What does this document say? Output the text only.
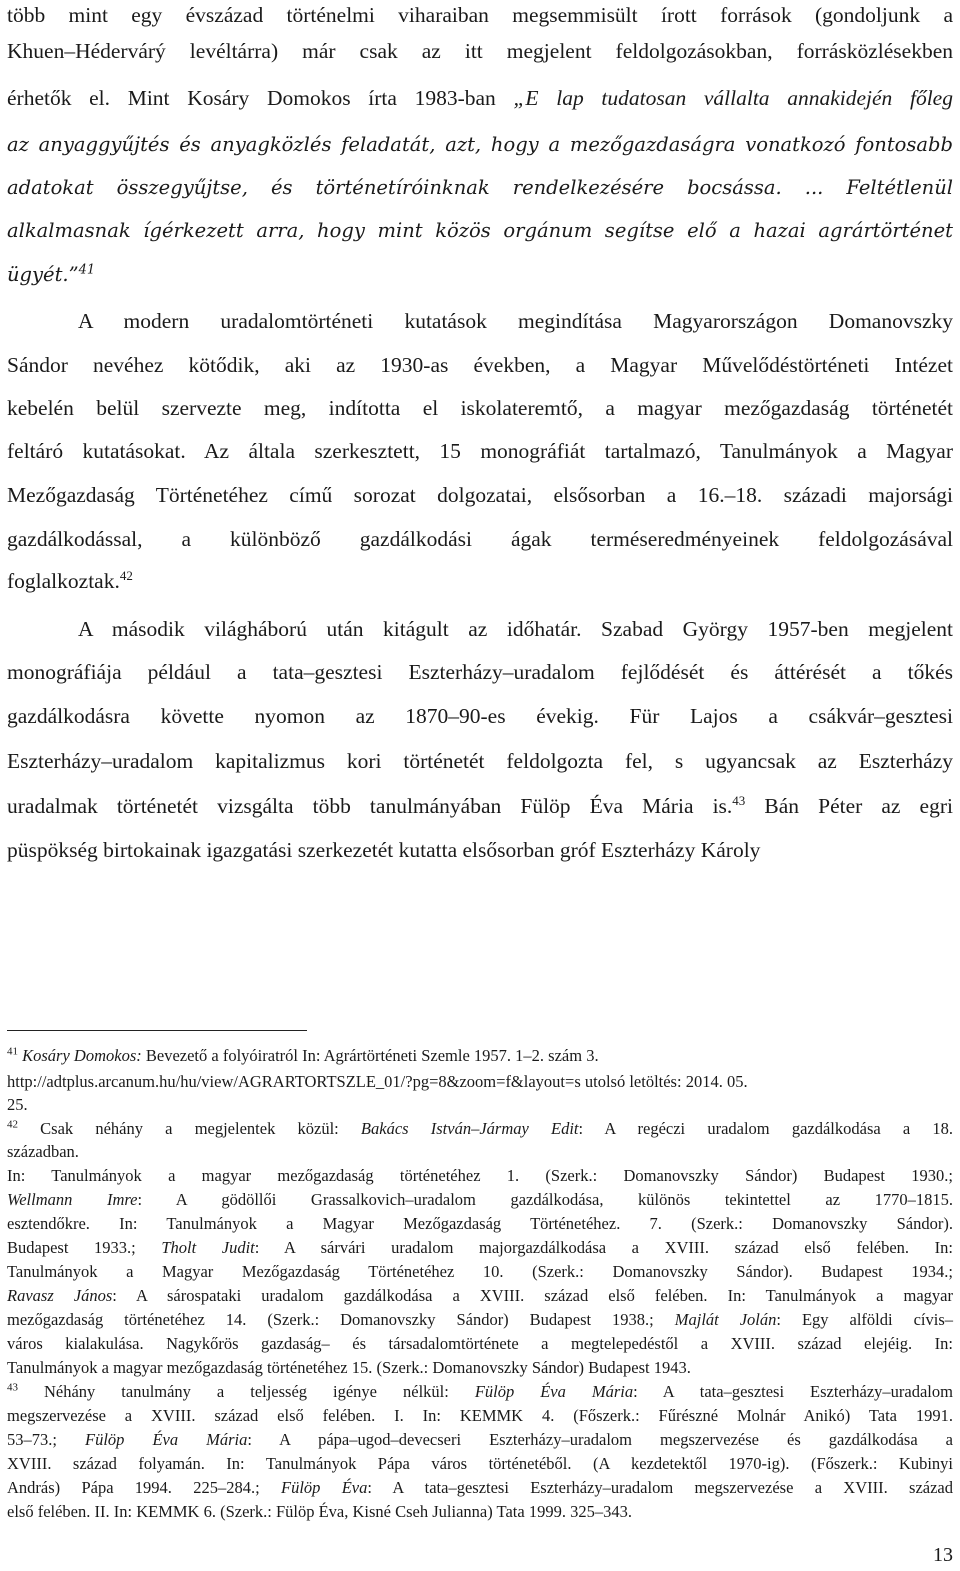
több mint egy évszázad történelmi viharaiban megsemmisült írott források (gondoljunk a
Khuen–Hédervárý levéltárra) már csak az itt megjelent feldolgozásokban, forrásközlésekben
érhetők el. Mint Kosáry Domokos írta 1983-ban „E lap tudatosan vállalta annakidején főleg
az anyaggyűjtés és anyagközlés feladatát, azt, hogy a mezőgazdaságra vonatkozó fontosabb
adatokat összegyűjtse, és történetíróinknak rendelkezésére bocsássa. ... Feltétlenül
alkalmasnak ígérkezett arra, hogy mint közös orgánum segítse elő a hazai agrártörténet
ügyét.”$^{41}$
A modern uradalomtörténeti kutatások megindítása Magyarországon Domanovszky
Sándor nevéhez kötődik, aki az 1930-as években, a Magyar Művelődéstörténeti Intézet
kebelén belül szervezte meg, indította el iskolateremtő, a magyar mezőgazdaság történetét
feltáró kutatásokat. Az általa szerkesztett, 15 monográfiát tartalmazó, Tanulmányok a Magyar
Mezőgazdaság Történetéhez című sorozat dolgozatai, elsősorban a 16.–18. századi majorsági
gazdálkodással, a különböző gazdálkodási ágak terméseredményeinek feldolgozásával
foglalkoztak.$^{42}$
A második világháború után kitágult az időhatár. Szabad György 1957-ben megjelent
monográfiája például a tata–gesztesi Eszterházy–uradalom fejlődését és áttérését a tőkés
gazdálkodásra követte nyomon az 1870–90-es évekig. Für Lajos a csákvár–gesztesi
Eszterházy–uradalom kapitalizmus kori történetét feldolgozta fel, s ugyancsak az Eszterházy
uradalmak történetét vizsgálta több tanulmányában Fülöp Éva Mária is.$^{43}$ Bán Péter az egri
püspökség birtokainak igazgatási szerkezetét kutatta elsősorban gróf Eszterházy Károly
$^{41}$ Kosáry Domokos: Bevezető a folyóiratról In: Agrártörténeti Szemle 1957. 1–2. szám 3.
http://adtplus.arcanum.hu/hu/view/AGRARTORTSZLE_01/?pg=8&zoom=f&layout=s utolsó letöltés: 2014. 05.
25.
$^{42}$ Csak néhány a megjelentek közül: Bakács István–Jármay Edit: A regéczi uradalom gazdálkodása a 18.
században.
In: Tanulmányok a magyar mezőgazdaság történetéhez 1. (Szerk.: Domanovszky Sándor) Budapest 1930.;
Wellmann Imre: A gödöllői Grassalkovich–uradalom gazdálkodása, különös tekintettel az 1770–1815.
esztendőkre. In: Tanulmányok a Magyar Mezőgazdaság Történetéhez. 7. (Szerk.: Domanovszky Sándor).
Budapest 1933.; Tholt Judit: A sárvári uradalom majorgazdálkodása a XVIII. század első felében. In:
Tanulmányok a Magyar Mezőgazdaság Történetéhez 10. (Szerk.: Domanovszky Sándor). Budapest 1934.;
Ravasz János: A sárospataki uradalom gazdálkodása a XVIII. század első felében. In: Tanulmányok a magyar
mezőgazdaság történetéhez 14. (Szerk.: Domanovszky Sándor) Budapest 1938.; Majlát Jolán: Egy alföldi cívis–
város kialakulása. Nagykőrös gazdaság– és társadalomtörténete a megtelepedéstől a XVIII. század elejéig. In:
Tanulmányok a magyar mezőgazdaság történetéhez 15. (Szerk.: Domanovszky Sándor) Budapest 1943.
$^{43}$ Néhány tanulmány a teljesség igénye nélkül: Fülöp Éva Mária: A tata–gesztesi Eszterházy–uradalom
megszervezése a XVIII. század első felében. I. In: KEMMK 4. (Főszerk.: Fűrészné Molnár Anikó) Tata 1991.
53–73.; Fülöp Éva Mária: A pápa–ugod–devecseri Eszterházy–uradalom megszervezése és gazdálkodása a
XVIII. század folyamán. In: Tanulmányok Pápa város történetéből. (A kezdetektől 1970-ig). (Főszerk.: Kubinyi
András) Pápa 1994. 225–284.; Fülöp Éva: A tata–gesztesi Eszterházy–uradalom megszervezése a XVIII. század
első felében. II. In: KEMMK 6. (Szerk.: Fülöp Éva, Kisné Cseh Julianna) Tata 1999. 325–343.
13
